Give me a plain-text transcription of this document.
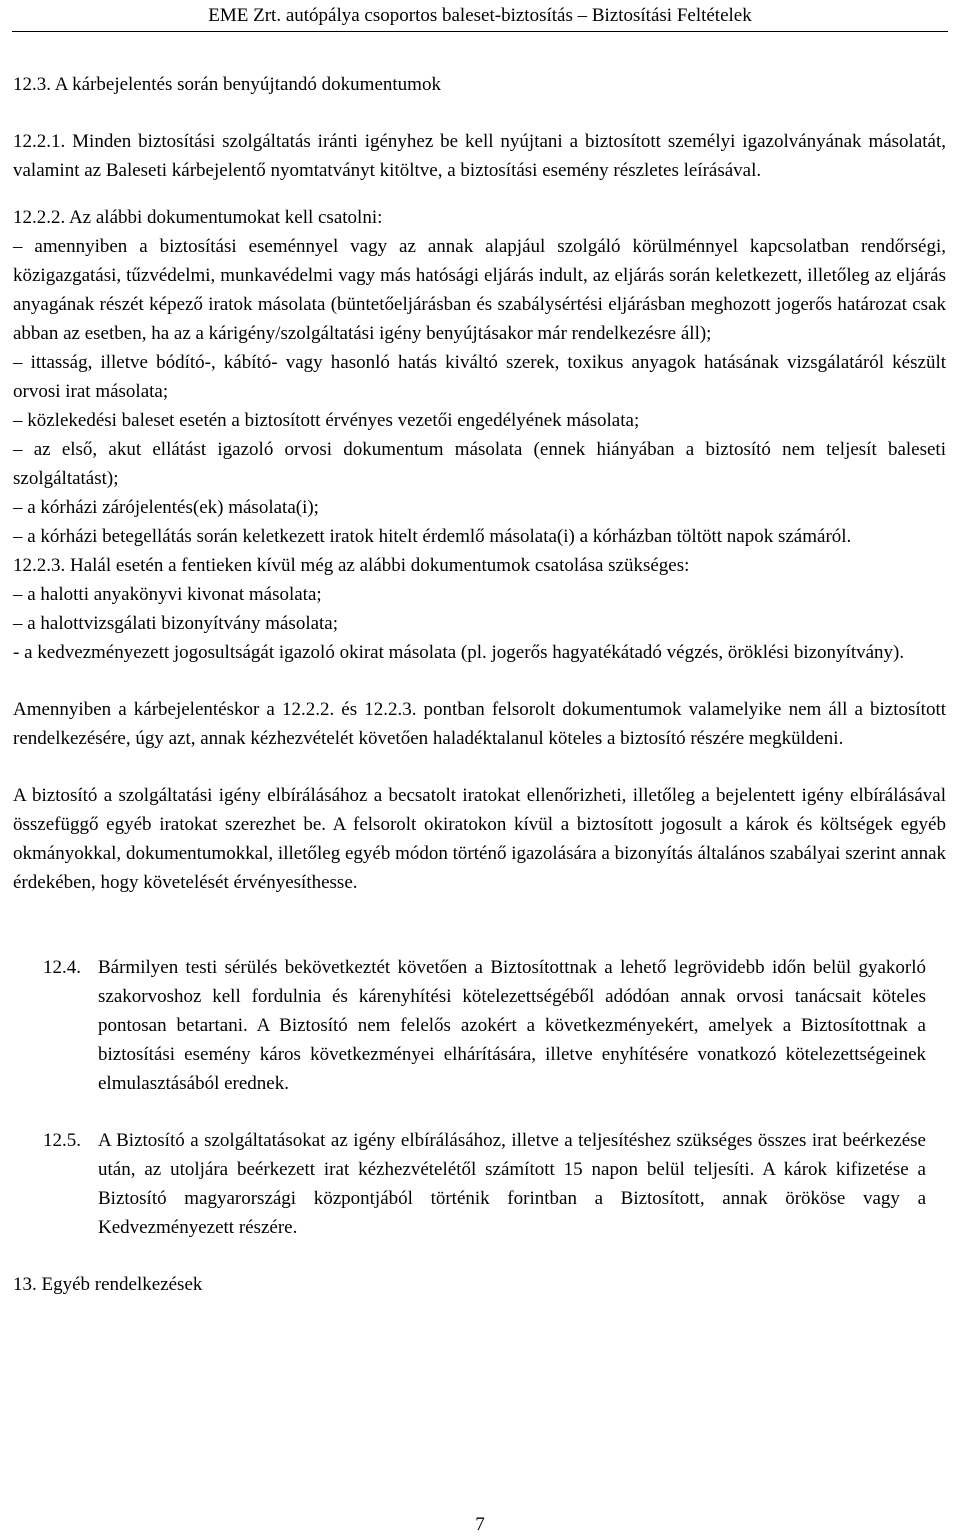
EME Zrt. autópálya csoportos baleset-biztosítás – Biztosítási Feltételek

12.3. A kárbejelentés során benyújtandó dokumentumok

12.2.1. Minden biztosítási szolgáltatás iránti igényhez be kell nyújtani a biztosított személyi igazolványának másolatát, valamint az Baleseti kárbejelentő nyomtatványt kitöltve, a biztosítási esemény részletes leírásával.

12.2.2. Az alábbi dokumentumokat kell csatolni:

– amennyiben a biztosítási eseménnyel vagy az annak alapjául szolgáló körülménnyel kapcsolatban rendőrségi, közigazgatási, tűzvédelmi, munkavédelmi vagy más hatósági eljárás indult, az eljárás során keletkezett, illetőleg az eljárás anyagának részét képező iratok másolata (büntetőeljárásban és szabálysértési eljárásban meghozott jogerős határozat csak abban az esetben, ha az a kárigény/szolgáltatási igény benyújtásakor már rendelkezésre áll);

– ittasság, illetve bódító-, kábító- vagy hasonló hatás kiváltó szerek, toxikus anyagok hatásának vizsgálatáról készült orvosi irat másolata;

– közlekedési baleset esetén a biztosított érvényes vezetői engedélyének másolata;

– az első, akut ellátást igazoló orvosi dokumentum másolata (ennek hiányában a biztosító nem teljesít baleseti szolgáltatást);

– a kórházi zárójelentés(ek) másolata(i);

– a kórházi betegellátás során keletkezett iratok hitelt érdemlő másolata(i) a kórházban töltött napok számáról.

12.2.3. Halál esetén a fentieken kívül még az alábbi dokumentumok csatolása szükséges:

– a halotti anyakönyvi kivonat másolata;

– a halottvizsgálati bizonyítvány másolata;

- a kedvezményezett jogosultságát igazoló okirat másolata (pl. jogerős hagyatékátadó végzés, öröklési bizonyítvány).

Amennyiben a kárbejelentéskor a 12.2.2. és 12.2.3. pontban felsorolt dokumentumok valamelyike nem áll a biztosított rendelkezésére, úgy azt, annak kézhezvételét követően haladéktalanul köteles a biztosító részére megküldeni.

A biztosító a szolgáltatási igény elbírálásához a becsatolt iratokat ellenőrizheti, illetőleg a bejelentett igény elbírálásával összefüggő egyéb iratokat szerezhet be. A felsorolt okiratokon kívül a biztosított jogosult a károk és költségek egyéb okmányokkal, dokumentumokkal, illetőleg egyéb módon történő igazolására a bizonyítás általános szabályai szerint annak érdekében, hogy követelését érvényesíthesse.

12.4. Bármilyen testi sérülés bekövetkeztét követően a Biztosítottnak a lehető legrövidebb időn belül gyakorló szakorvoshoz kell fordulnia és kárenyhítési kötelezettségéből adódóan annak orvosi tanácsait köteles pontosan betartani. A Biztosító nem felelős azokért a következményekért, amelyek a Biztosítottnak a biztosítási esemény káros következményei elhárítására, illetve enyhítésére vonatkozó kötelezettségeinek elmulasztásából erednek.
12.5. A Biztosító a szolgáltatásokat az igény elbírálásához, illetve a teljesítéshez szükséges összes irat beérkezése után, az utoljára beérkezett irat kézhezvételétől számított 15 napon belül teljesíti. A károk kifizetése a Biztosító magyarországi központjából történik forintban a Biztosított, annak örököse vagy a Kedvezményezett részére.

13. Egyéb rendelkezések

7
